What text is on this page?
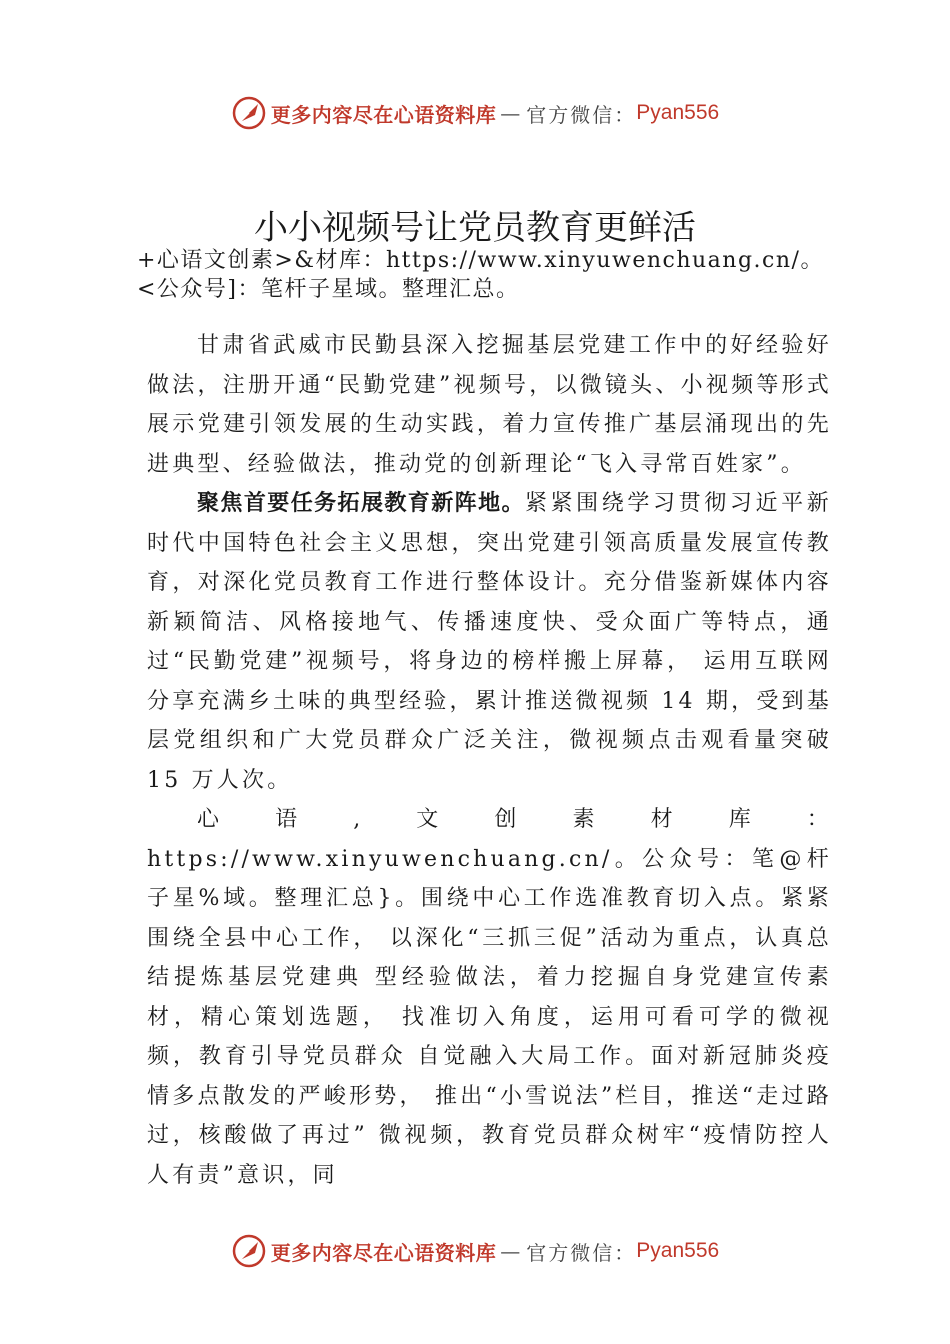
更多内容尽在心语资料库 — 官方微信： Pyan556
小小视频号让党员教育更鲜活

+心语文创素>&材库：https://www.xinyuwenchuang.cn/。<公众号]：笔杆子星域。整理汇总。

甘肃省武威市民勤县深入挖掘基层党建工作中的好经验好做法，注册开通“民勤党建”视频号，以微镜头、小视频等形式展示党建引领发展的生动实践，着力宣传推广基层涌现出的先进典型、经验做法，推动党的创新理论“飞入寻常百姓家”。

聚焦首要任务拓展教育新阵地。紧紧围绕学习贯彻习近平新时代中国特色社会主义思想，突出党建引领高质量发展宣传教育，对深化党员教育工作进行整体设计。充分借鉴新媒体内容新颖简洁、风格接地气、传播速度快、受众面广等特点，通过“民勤党建”视频号，将身边的榜样搬上屏幕， 运用互联网分享充满乡土味的典型经验，累计推送微视频 14 期，受到基层党组织和广大党员群众广泛关注，微视频点击观看量突破 15 万人次。

心语,文创素材库：https://www.xinyuwenchuang.cn/。公众号：笔@杆子星%域。整理汇总}。围绕中心工作选准教育切入点。紧紧围绕全县中心工作， 以深化“三抓三促”活动为重点，认真总结提炼基层党建典 型经验做法，着力挖掘自身党建宣传素材，精心策划选题， 找准切入角度，运用可看可学的微视频，教育引导党员群众 自觉融入大局工作。面对新冠肺炎疫情多点散发的严峻形势， 推出“小雪说法”栏目，推送“走过路过，核酸做了再过” 微视频，教育党员群众树牢“疫情防控人人有责”意识，同

更多内容尽在心语资料库 — 官方微信： Pyan556
